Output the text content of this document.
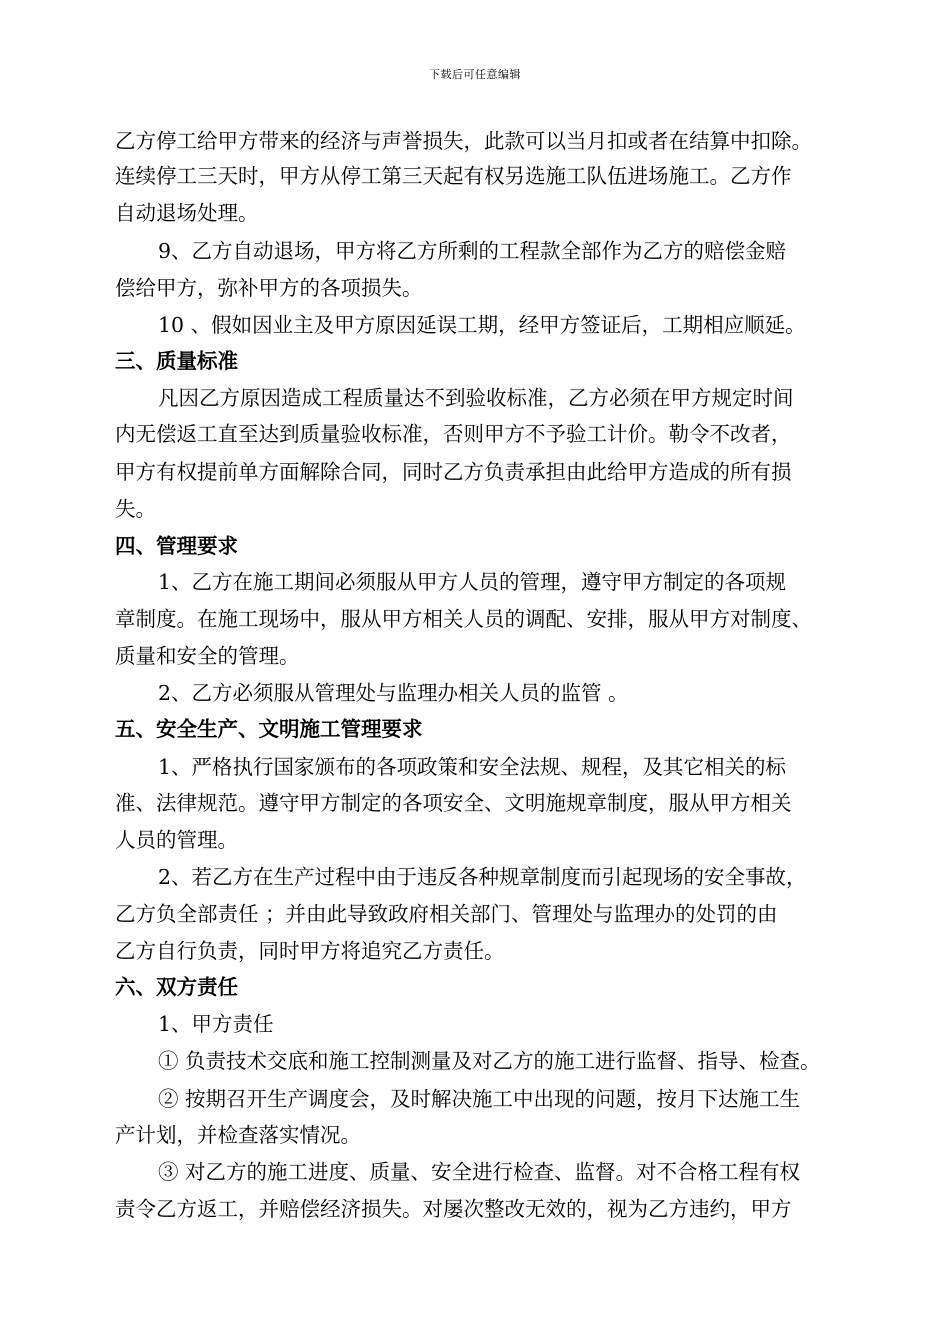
下载后可任意编辑
乙方停工给甲方带来的经济与声誉损失，此款可以当月扣或者在结算中扣除。
连续停工三天时，甲方从停工第三天起有权另选施工队伍进场施工。乙方作
自动退场处理。
9、乙方自动退场，甲方将乙方所剩的工程款全部作为乙方的赔偿金赔
偿给甲方，弥补甲方的各项损失。
10 、假如因业主及甲方原因延误工期，经甲方签证后，工期相应顺延。
三、质量标准
凡因乙方原因造成工程质量达不到验收标准，乙方必须在甲方规定时间
内无偿返工直至达到质量验收标准，否则甲方不予验工计价。勒令不改者，
甲方有权提前单方面解除合同，同时乙方负责承担由此给甲方造成的所有损
失。
四、管理要求
1、乙方在施工期间必须服从甲方人员的管理，遵守甲方制定的各项规
章制度。在施工现场中，服从甲方相关人员的调配、安排，服从甲方对制度、
质量和安全的管理。
2、乙方必须服从管理处与监理办相关人员的监管 。
五、安全生产、文明施工管理要求
1、严格执行国家颁布的各项政策和安全法规、规程，及其它相关的标
准、法律规范。遵守甲方制定的各项安全、文明施规章制度，服从甲方相关
人员的管理。
2、若乙方在生产过程中由于违反各种规章制度而引起现场的安全事故，
乙方负全部责任 ；并由此导致政府相关部门、管理处与监理办的处罚的由
乙方自行负责，同时甲方将追究乙方责任。
六、双方责任
1、甲方责任
① 负责技术交底和施工控制测量及对乙方的施工进行监督、指导、检查。
② 按期召开生产调度会，及时解决施工中出现的问题，按月下达施工生
产计划，并检查落实情况。
③ 对乙方的施工进度、质量、安全进行检查、监督。对不合格工程有权
责令乙方返工，并赔偿经济损失。对屡次整改无效的，视为乙方违约，甲方
